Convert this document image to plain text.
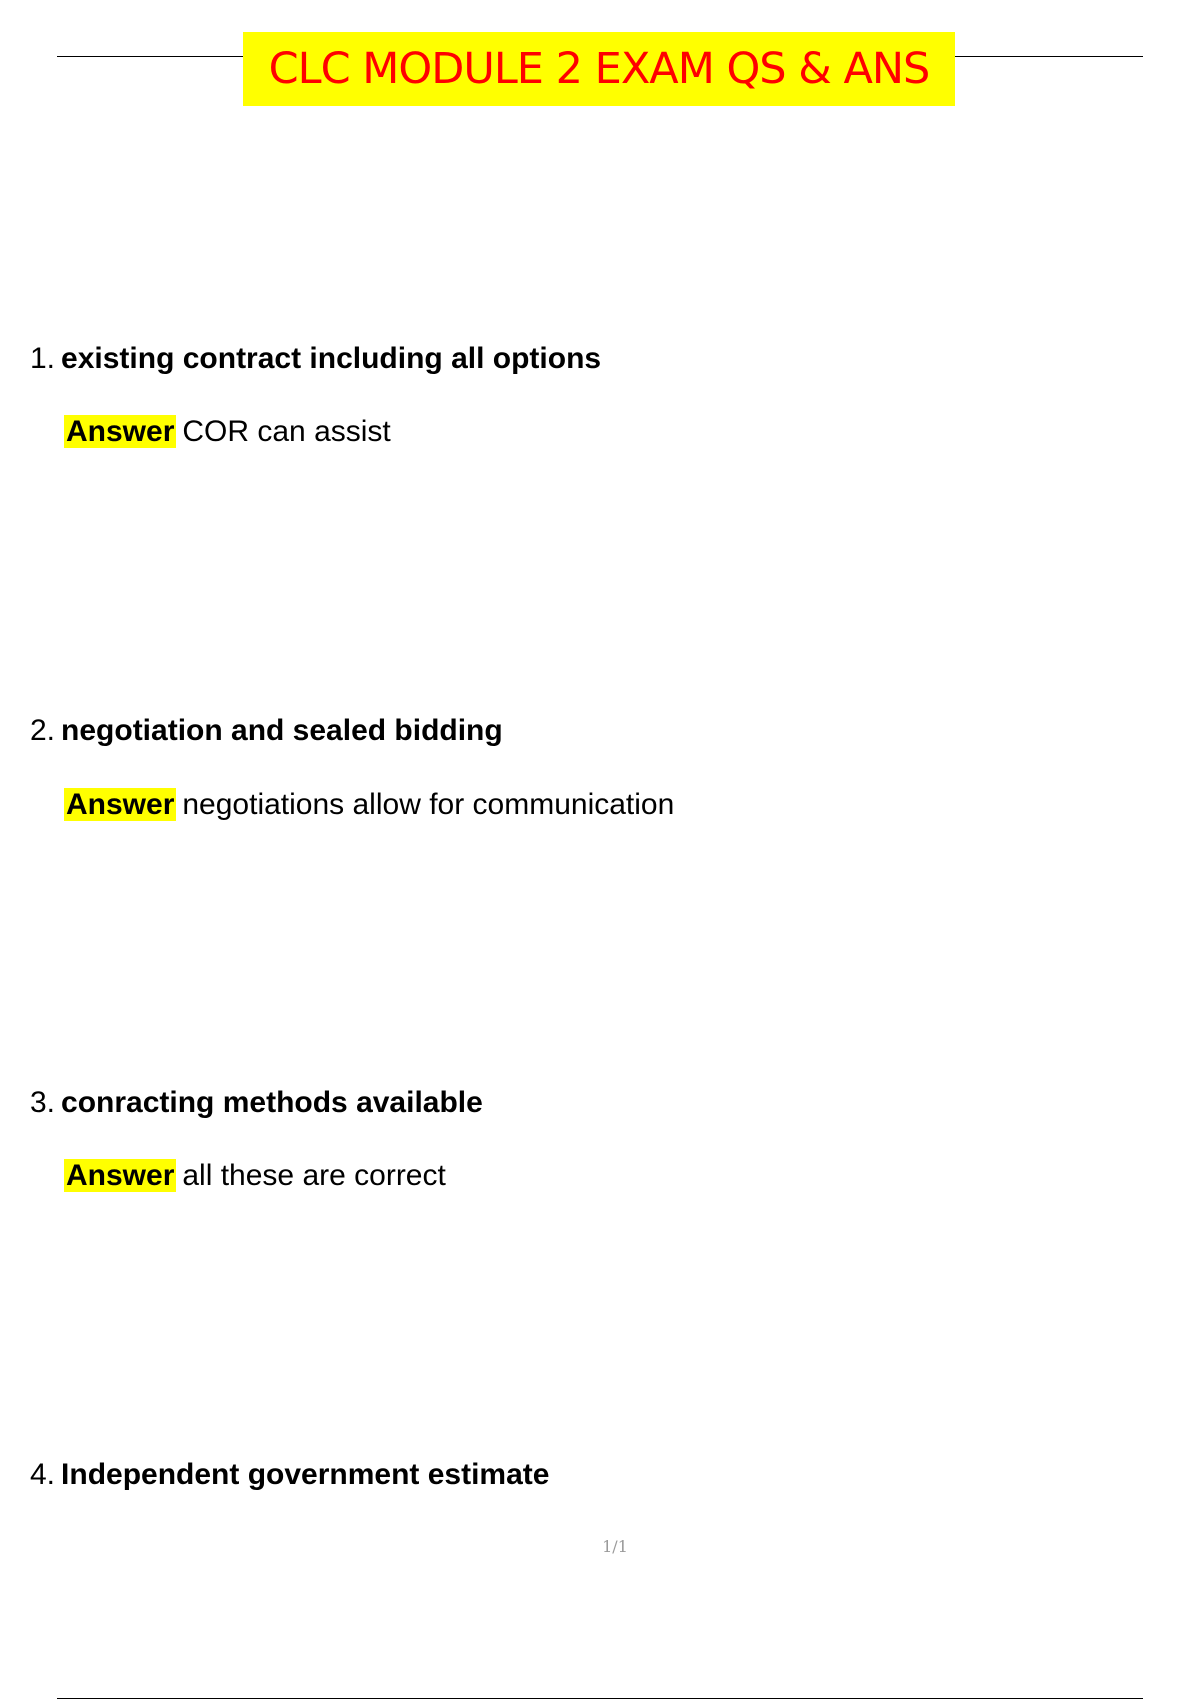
CLC MODULE 2 EXAM QS & ANS
1. existing contract including all options
Answer COR can assist
2. negotiation and sealed bidding
Answer negotiations allow for communication
3. conracting methods available
Answer all these are correct
4. Independent government estimate
1/1
